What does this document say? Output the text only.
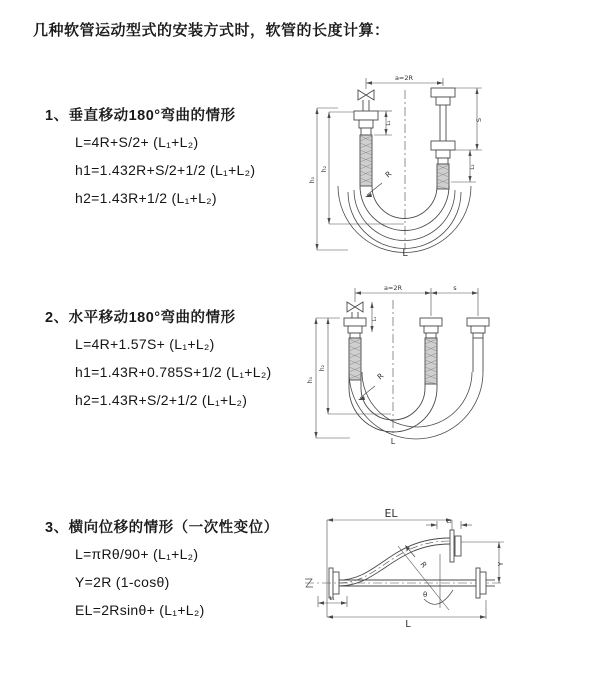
几种软管运动型式的安装方式时，软管的长度计算：
1、垂直移动180°弯曲的情形
L=4R+S/2+ (L₁+L₂)
h1=1.432R+S/2+1/2 (L₁+L₂)
h2=1.43R+1/2 (L₁+L₂)
a=2R
S
L₂
L₁
h₁
h₂
R
L
2、水平移动180°弯曲的情形
L=4R+1.57S+ (L₁+L₂)
h1=1.43R+0.785S+1/2 (L₁+L₂)
h2=1.43R+S/2+1/2 (L₁+L₂)
a=2R	s
L₁
h₁
h₂
R
L
3、横向位移的情形（一次性变位）
L=πRθ/90+ (L₁+L₂)
Y=2R (1-cosθ)
EL=2Rsinθ+ (L₁+L₂)
EL
L₂
L₁
Y
θ
R
L
